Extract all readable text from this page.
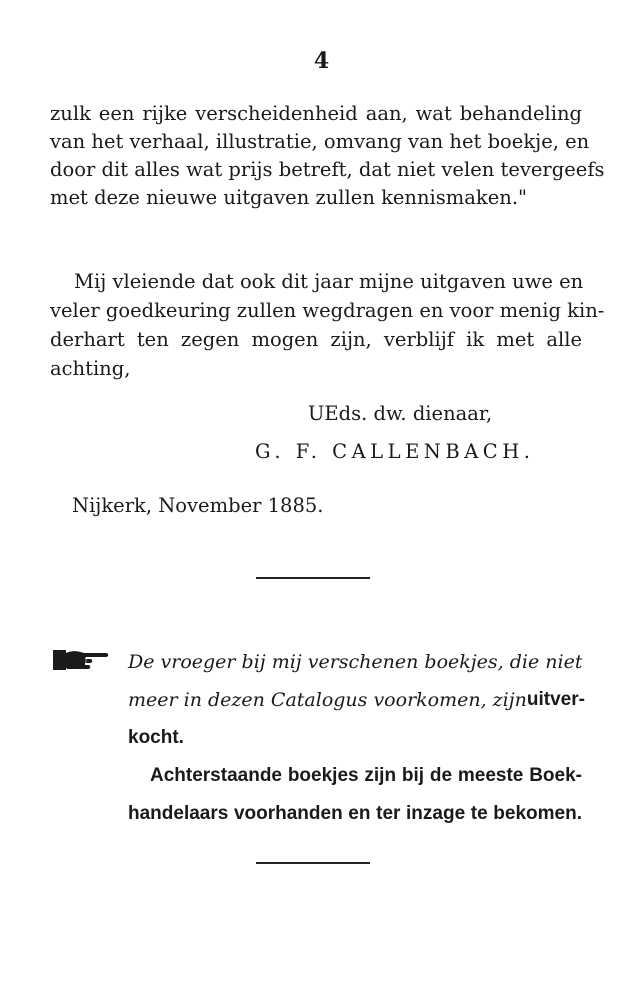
4
zulk een rijke verscheidenheid aan, wat behandeling
van het verhaal, illustratie, omvang van het boekje, en
door dit alles wat prijs betreft, dat niet velen tevergeefs
met deze nieuwe uitgaven zullen kennismaken."
Mij vleiende dat ook dit jaar mijne uitgaven uwe en
veler goedkeuring zullen wegdragen en voor menig kin-
derhart ten zegen mogen zijn, verblijf ik met alle
achting,
UEds. dw. dienaar,
G. F. CALLENBACH.
Nijkerk, November 1885.
De vroeger bij mij verschenen boekjes, die niet
meer in dezen Catalogus voorkomen, zijn uitver-
kocht.
Achterstaande boekjes zijn bij de meeste Boek-
handelaars voorhanden en ter inzage te bekomen.
